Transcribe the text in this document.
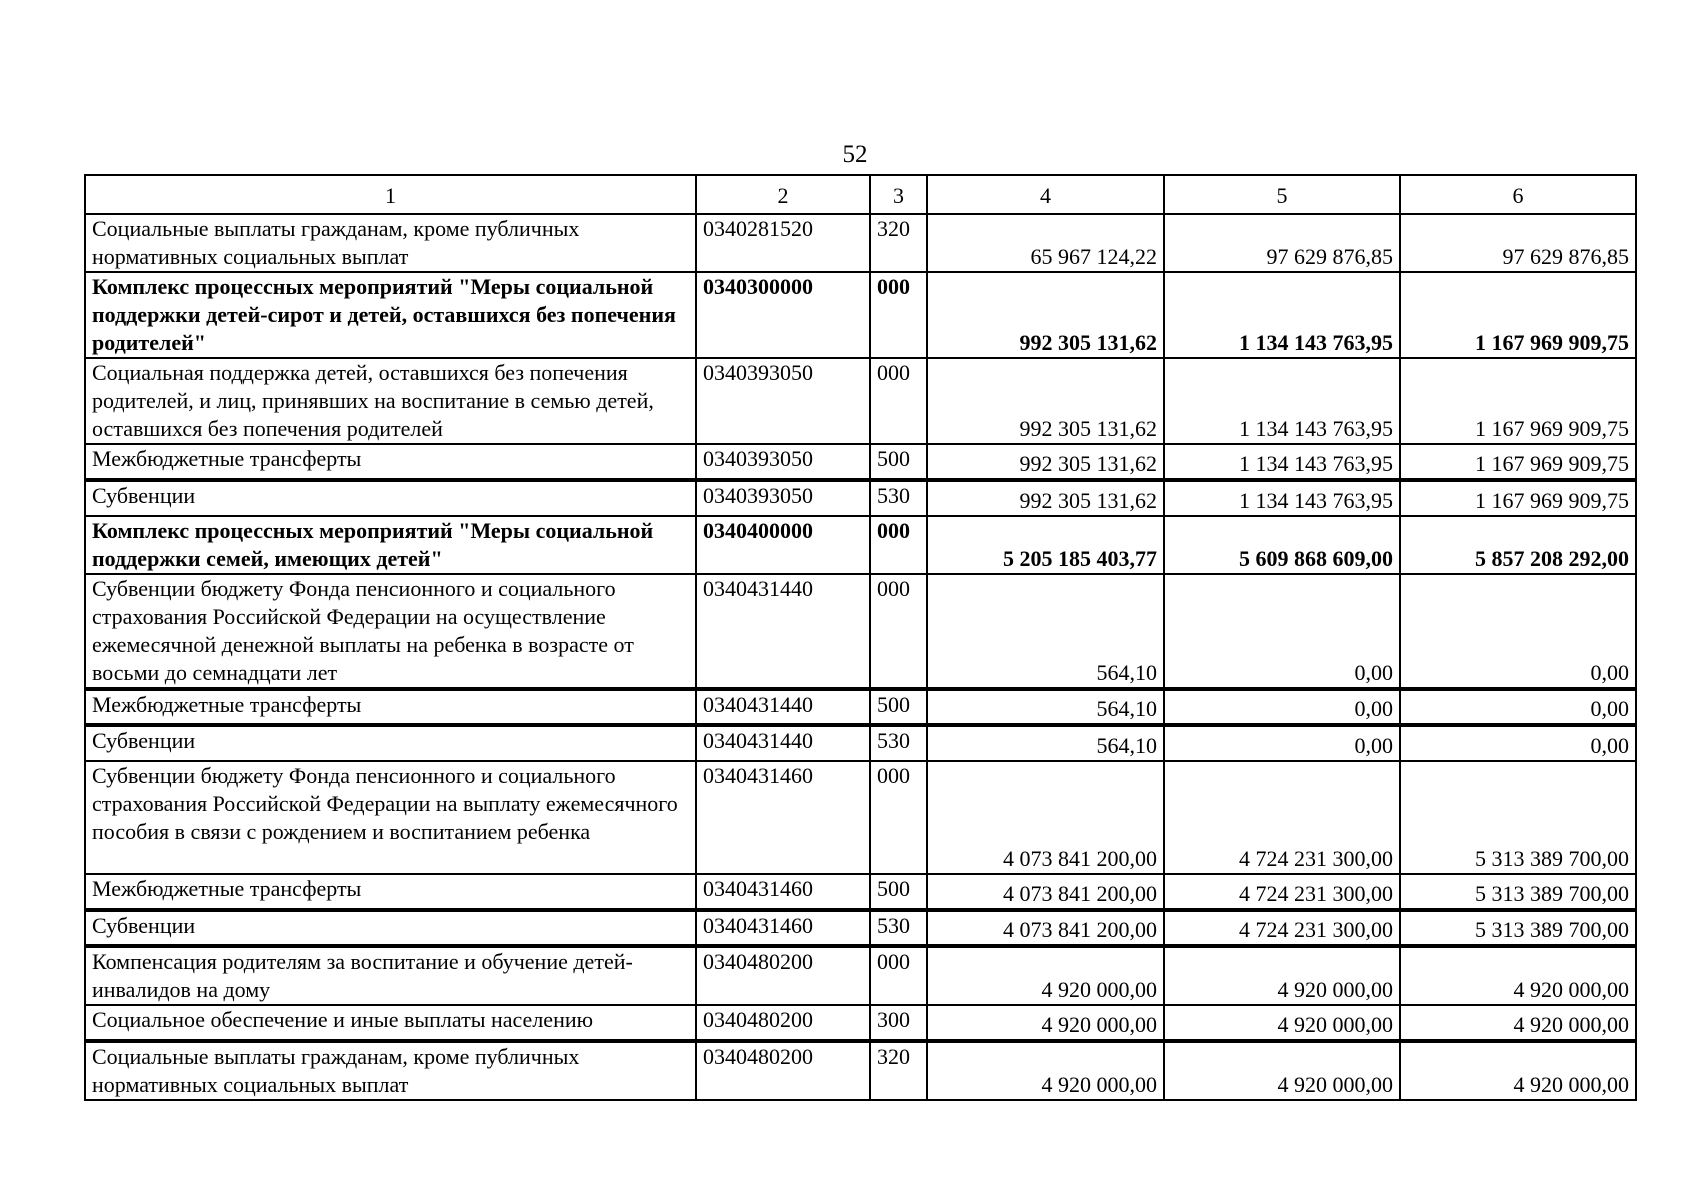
52
1	2	3	4	5	6
Социальные выплаты гражданам, кроме публичных нормативных социальных выплат	0340281520	320	65 967 124,22	97 629 876,85	97 629 876,85
Комплекс процессных мероприятий "Меры социальной поддержки детей-сирот и детей, оставшихся без попечения родителей"	0340300000	000	992 305 131,62	1 134 143 763,95	1 167 969 909,75
Социальная поддержка детей, оставшихся без попечения родителей, и лиц, принявших на воспитание в семью детей, оставшихся без попечения родителей	0340393050	000	992 305 131,62	1 134 143 763,95	1 167 969 909,75
Межбюджетные трансферты	0340393050	500	992 305 131,62	1 134 143 763,95	1 167 969 909,75
Субвенции	0340393050	530	992 305 131,62	1 134 143 763,95	1 167 969 909,75
Комплекс процессных мероприятий "Меры социальной поддержки семей, имеющих детей"	0340400000	000	5 205 185 403,77	5 609 868 609,00	5 857 208 292,00
Субвенции бюджету Фонда пенсионного и социального страхования Российской Федерации на осуществление ежемесячной денежной выплаты на ребенка в возрасте от восьми до семнадцати лет	0340431440	000	564,10	0,00	0,00
Межбюджетные трансферты	0340431440	500	564,10	0,00	0,00
Субвенции	0340431440	530	564,10	0,00	0,00
Субвенции бюджету Фонда пенсионного и социального страхования Российской Федерации на выплату ежемесячного пособия в связи с рождением и воспитанием ребенка	0340431460	000	4 073 841 200,00	4 724 231 300,00	5 313 389 700,00
Межбюджетные трансферты	0340431460	500	4 073 841 200,00	4 724 231 300,00	5 313 389 700,00
Субвенции	0340431460	530	4 073 841 200,00	4 724 231 300,00	5 313 389 700,00
Компенсация родителям за воспитание и обучение детей-инвалидов на дому	0340480200	000	4 920 000,00	4 920 000,00	4 920 000,00
Социальное обеспечение и иные выплаты населению	0340480200	300	4 920 000,00	4 920 000,00	4 920 000,00
Социальные выплаты гражданам, кроме публичных нормативных социальных выплат	0340480200	320	4 920 000,00	4 920 000,00	4 920 000,00
